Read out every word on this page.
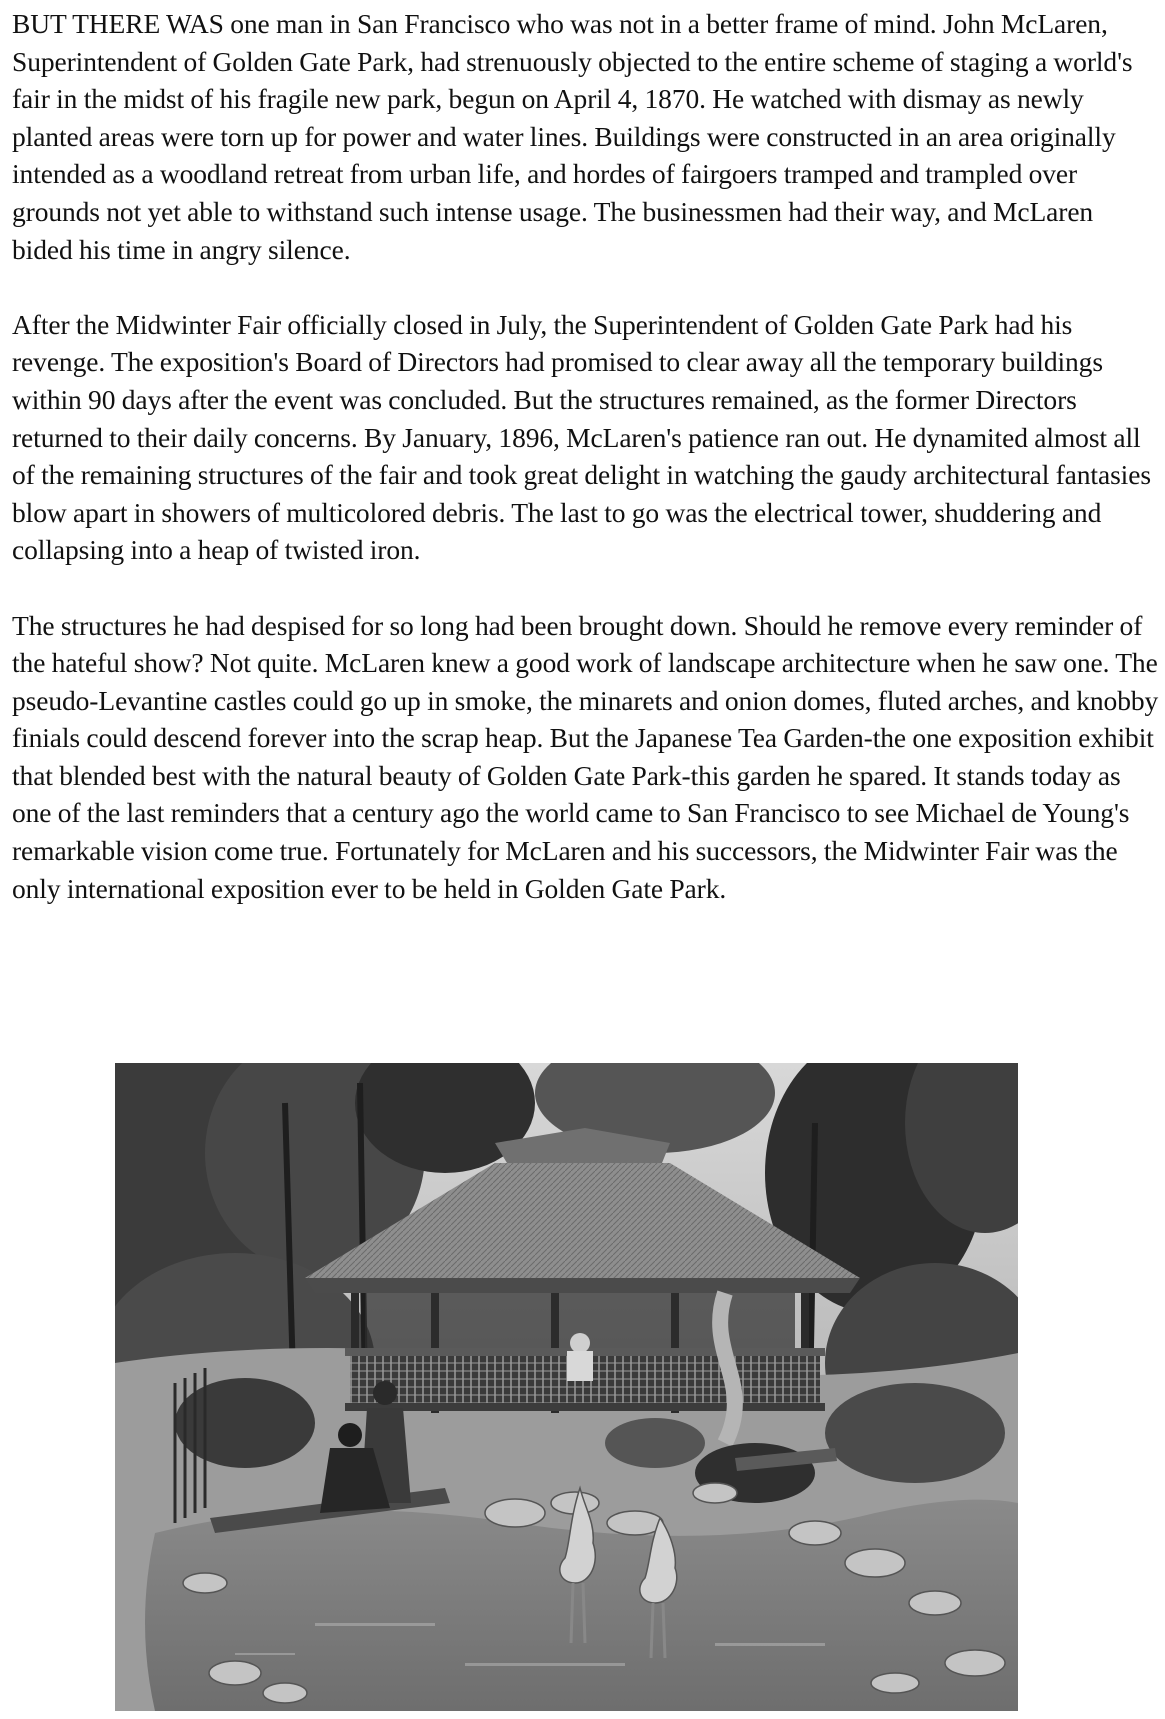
BUT THERE WAS one man in San Francisco who was not in a better frame of mind. John McLaren, Superintendent of Golden Gate Park, had strenuously objected to the entire scheme of staging a world's fair in the midst of his fragile new park, begun on April 4, 1870. He watched with dismay as newly planted areas were torn up for power and water lines. Buildings were constructed in an area originally intended as a woodland retreat from urban life, and hordes of fairgoers tramped and trampled over grounds not yet able to withstand such intense usage. The businessmen had their way, and McLaren bided his time in angry silence.

After the Midwinter Fair officially closed in July, the Superintendent of Golden Gate Park had his revenge. The exposition's Board of Directors had promised to clear away all the temporary buildings within 90 days after the event was concluded. But the structures remained, as the former Directors returned to their daily concerns. By January, 1896, McLaren's patience ran out. He dynamited almost all of the remaining structures of the fair and took great delight in watching the gaudy architectural fantasies blow apart in showers of multicolored debris. The last to go was the electrical tower, shuddering and collapsing into a heap of twisted iron.

The structures he had despised for so long had been brought down. Should he remove every reminder of the hateful show? Not quite. McLaren knew a good work of landscape architecture when he saw one. The pseudo-Levantine castles could go up in smoke, the minarets and onion domes, fluted arches, and knobby finials could descend forever into the scrap heap. But the Japanese Tea Garden-the one exposition exhibit that blended best with the natural beauty of Golden Gate Park-this garden he spared. It stands today as one of the last reminders that a century ago the world came to San Francisco to see Michael de Young's remarkable vision come true. Fortunately for McLaren and his successors, the Midwinter Fair was the only international exposition ever to be held in Golden Gate Park.
